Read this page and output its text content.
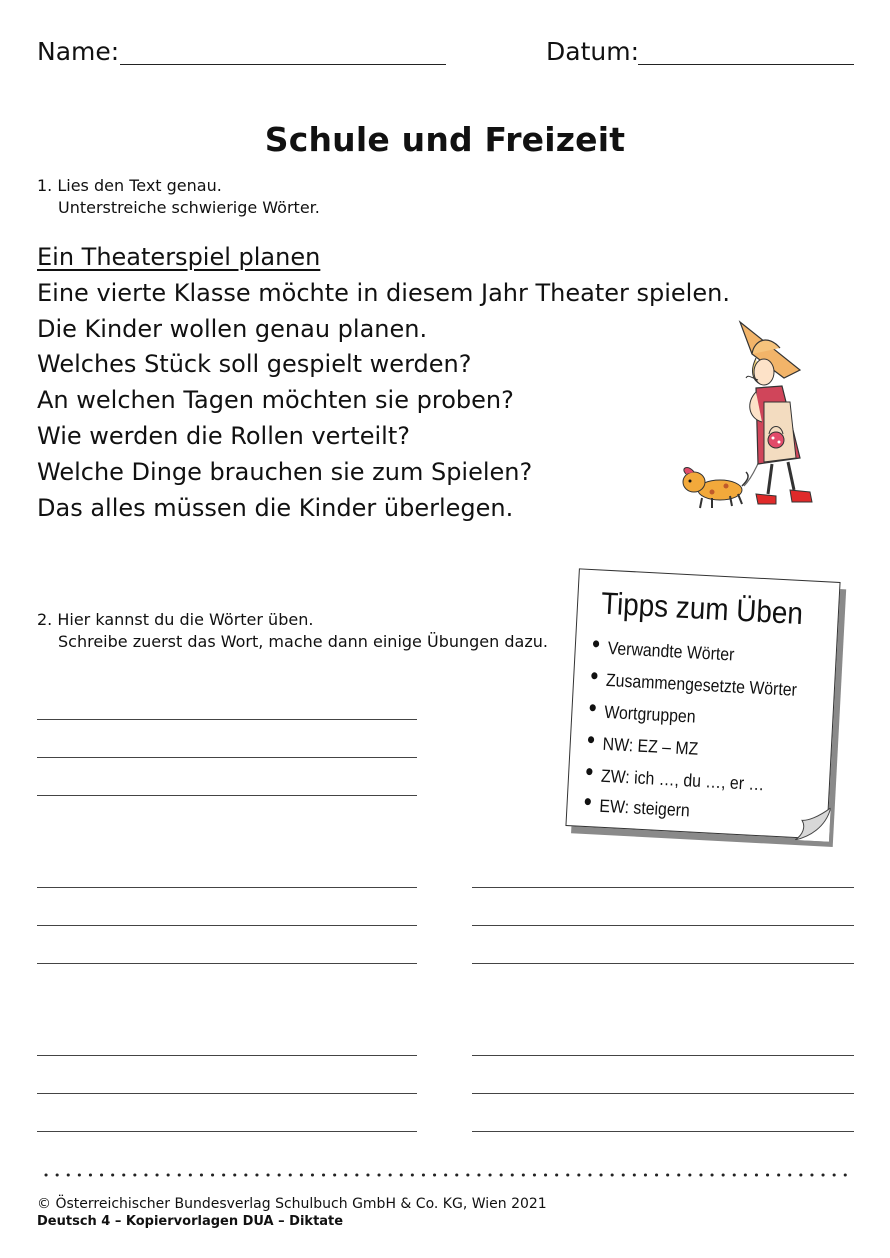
Name:	Datum:
Schule und Freizeit
1. Lies den Text genau.
Unterstreiche schwierige Wörter.
Ein Theaterspiel planen
Eine vierte Klasse möchte in diesem Jahr Theater spielen.
Die Kinder wollen genau planen.
Welches Stück soll gespielt werden?
An welchen Tagen möchten sie proben?
Wie werden die Rollen verteilt?
Welche Dinge brauchen sie zum Spielen?
Das alles müssen die Kinder überlegen.
2. Hier kannst du die Wörter üben.
Schreibe zuerst das Wort, mache dann einige Übungen dazu.
Tipps zum Üben
Verwandte Wörter
Zusammengesetzte Wörter
Wortgruppen
NW: EZ – MZ
ZW: ich …, du …, er …
EW: steigern
© Österreichischer Bundesverlag Schulbuch GmbH & Co. KG, Wien 2021
Deutsch 4 – Kopiervorlagen DUA – Diktate
